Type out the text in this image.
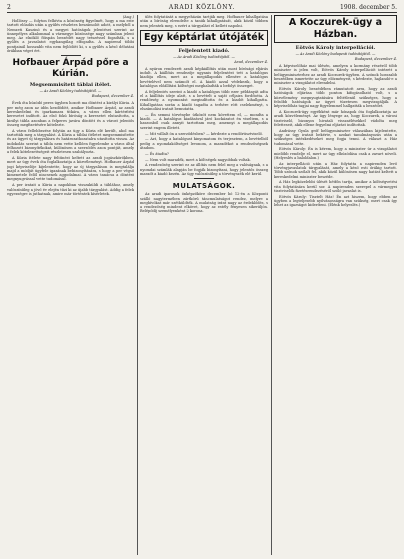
2	ARADI KÖZLÖNY.	1908. december 5.
(Aug.)

Hollóssy — folyton felhívta a közönség figyelmét, hogy a ma este tartott előadás után a gyűlés részletes beszámolót adott, a melyből a Nemzeti Kaszinó és a megyei hatóságok jelentései szerint az ünnepélyes alkalommal a vármegye közönsége nagy számban jelent meg. Az elnöklő főispán beszédét nagy tetszéssel fogadták, s a gyűlés a javaslatot egyhangúlag elfogadta. A napirend többi pontjainál hosszabb vita nem fejlődött ki, s a gyűlés a késő délutáni órákban véget ért.

Hofbauer Árpád pőre a Kúrián.
Megsemmisített táblai ítélet.
— Az Aradi Közlöny tudósítójától. —
Budapest, december 4.

Évek óta húzódó peres ügyben hozott ma döntést a királyi Kúria. A per még azon az időn kezdődött, amikor Hofbauer Árpád, az aradi kereskedelmi és iparkamara titkára, a város ellen kártérítési keresetet indított. Az első fokú bíróság a keresetet elutasította, a királyi tábla azonban a felperes javára döntött és a várost jelentős összeg megfizetésére kötelezte.

A város fellebbezése folytán az ügy a Kúria elé került, ahol ma tartották meg a tárgyalást. A Kúria a táblai ítéletet megsemmisítette és az ügyet új tárgyalásra és határozathozatalra utasította vissza. Az indokolás szerint a tábla nem vette kellően figyelembe a város által felhozott bizonyítékokat, különösen a szerződés azon pontját, amely a felek kötelezettségeit részletesen szabályozta.

A Kúria ítélete nagy feltűnést keltett az aradi jogászkörökben, mert az ügy évek óta foglalkoztatja a közvéleményt. Hofbauer Árpád jogi képviselője kijelentette, hogy az új tárgyaláson is megtalálja majd a módját ügyfele igazának bebizonyítására, s hogy a per végső kimenetele felől nincsenek aggodalmai. A város tanácsa a döntést megnyugvással vette tudomásul.

A per iratait a Kúria a napokban visszaküldi a táblához, amely valószínűleg a jövő év elején tűzi ki az újabb tárgyalást. Addig a felek egyezségre is juthatnak, amire már történtek kísérletek.

ülés folytatását a megyeházán tartják meg. Hofbauer kihallgatása után a bíróság elrendelte a tanúk kihallgatását, akik közül többen nem jelentek meg, s ezért a tárgyalást el kellett napolni.

Egy képtárlat útójáték
Feljelentett kiadó.
— Az Aradi Közlöny tudósítójától. —
Arad, december 4.

A nyáron rendezett aradi képkiállítás után most bírósági eljárás indult. A kiállítás rendezője ugyanis feljelentést tett a katalógus kiadója ellen, mert az a megállapodás ellenére a katalógus bevételével nem számolt el. A kiadó azzal védekezik, hogy a katalógus előállítási költségei meghaladták a befolyt összeget.

A feljelentés szerint a kiadó a katalógus több ezer példányát adta el a kiállítás ideje alatt, s a bevételt a saját céljaira fordította. A rendőrség a nyomozást megindította és a kiadót kihallgatta. Kihallgatása során a kiadó tagadta a terhére rótt cselekményt, s elszámolási iratait bemutatta.

— Én semmi törvénybe ütközőt nem követtem el, — mondta a kiadó. — A katalógus kiadásával járó kockázatot én viseltem, s a haszonból csak annyit tartottam meg, amennyi a megállapodás szerint engem illetett.

— Mit vállalt ön a szerződésben? — kérdezte a rendőrtisztviselő.

— Azt, hogy a katalógust kinyomatom és terjesztem, a bevételből pedig a nyomdaköltséget levonom, a maradékot a rendezőségnek átadom.

— És átadta?

— Nem volt maradék, mert a költségek nagyobbak voltak.

A rendezőség szerint ez az állítás nem felel meg a valóságnak, s a nyomdai számlák alapján be fogják bizonyítani, hogy jelentős összeg maradt a kiadó kezén. Az ügy valószínűleg a törvényszék elé kerül.

MULATSÁGOK.

Az aradi iparosok önképzőköre december hó 12-én a Központi szálló nagytermében zártkörű táncmulatságot rendez, melyre a meghívókat már szétküldték. A mulatság iránt nagy az érdeklődés, s a rendezőség mindent elkövet, hogy az estély fényesen sikerüljön. Belépődíj személyenként 2 korona.

A Koczurek-ügy a Házban.
Eötvös Károly interpellációi.
— Az Aradi Közlöny budapesti tudósítójától. —
Budapest, december 4.

A képviselőház mai ülésén, amelyen a kormány részéről több miniszter is jelen volt, Eötvös Károly interpellációt intézett a belügyminiszterhez az aradi Koczurek-ügyben. A szónok hosszabb beszédben ismertette az ügy előzményeit, s kérdezte, hajlandó-e a miniszter a vizsgálatot elrendelni.

Eötvös Károly beszédében rámutatott arra, hogy az aradi hatóságok eljárása több ponton kifogásolható volt, s a közvélemény megnyugtatására feltétlenül szükséges, hogy a felsőbb hatóságok az ügyet tüzetesen megvizsgálják. A képviselőház tagjai nagy figyelemmel hallgatták a beszédet.

A Koczurek-ügy egyébként már hónapok óta foglalkoztatja az aradi közvéleményt. Az ügy lényege az, hogy Koczurek, a városi tisztviselő, bizonyos hivatali visszaélésekkel vádolta meg feletteseit, akik ellene fegyelmi eljárást indítottak.

Andrássy Gyula gróf belügyminiszter válaszában kijelentette, hogy az ügy iratait bekérte, s azokat tanulmányozás után a szükséges intézkedéseket meg fogja tenni. A választ a Ház tudomásul vette.

Eötvös Károly: Én is kérem, hogy a miniszter úr a vizsgálatot mielőbb rendelje el, mert az ügy elhúzódása csak a zavart növeli. (Helyeslés a baloldalon.)

Az interpelláció után a Ház folytatta a napirenden levő törvényjavaslatok tárgyalását, amely a késő esti órákig tartott. Több szónok szólalt fel, akik közül különösen nagy hatást keltett a kereskedelmi miniszter beszéde.

A Ház legközelebbi ülését hétfőn tartja, amikor a költségvetési vita folytatására kerül sor. A napirenden szerepel a vármegyei tisztviselők fizetésrendezéséről szóló javaslat is.

Eötvös Károly: Tisztelt Ház! Én azt hiszem, hogy ebben az ügyben a legteljesebb nyilvánosságra van szükség, mert csak így lehet az igazságot kideríteni. (Élénk helyeslés.)
